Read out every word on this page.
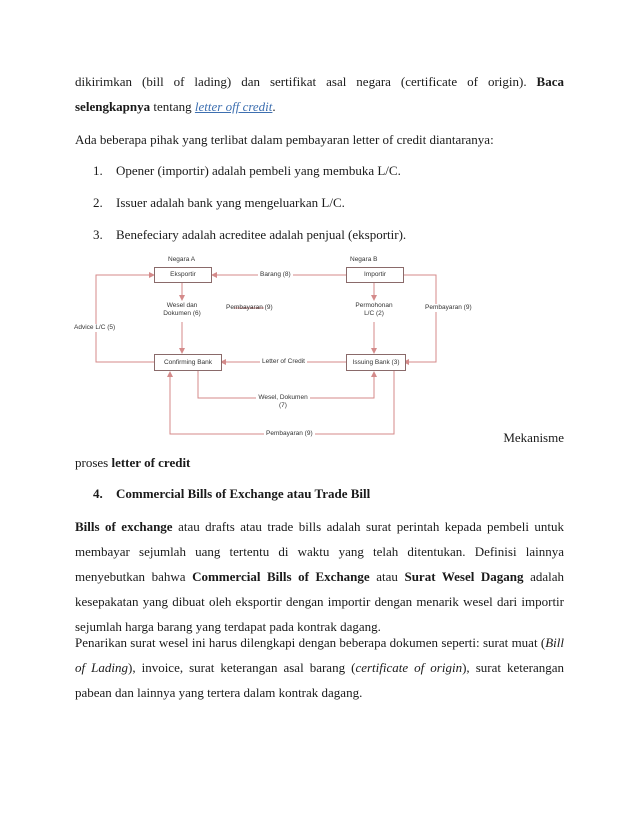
dikirimkan (bill of lading) dan sertifikat asal negara (certificate of origin). Baca

selengkapnya tentang letter off credit.

Ada beberapa pihak yang terlibat dalam pembayaran letter of credit diantaranya:

1. Opener (importir) adalah pembeli yang membuka L/C.
2. Issuer adalah bank yang mengeluarkan L/C.
3. Benefeciary adalah acreditee adalah penjual (eksportir).
Negara A
Eksportir	Barang (8)
Negara B
Importir
Wesel dan
Dokumen (6)
Pembayaran (9)	Permohonan
L/C (2)
Pembayaran (9)
Advice L/C (5)
Confirming Bank	Letter of Credit	Issuing Bank (3)
Wesel, Dokumen
(7)
Pembayaran (9)	Mekanisme

proses letter of credit

4. Commercial Bills of Exchange atau Trade Bill

Bills of exchange atau drafts atau trade bills adalah surat perintah kepada pembeli untuk membayar sejumlah uang tertentu di waktu yang telah ditentukan. Definisi lainnya menyebutkan bahwa Commercial Bills of Exchange atau Surat Wesel Dagang adalah kesepakatan yang dibuat oleh eksportir dengan importir dengan menarik wesel dari importir sejumlah harga barang yang terdapat pada kontrak dagang.

Penarikan surat wesel ini harus dilengkapi dengan beberapa dokumen seperti: surat muat (Bill of Lading), invoice, surat keterangan asal barang (certificate of origin), surat keterangan pabean dan lainnya yang tertera dalam kontrak dagang.
